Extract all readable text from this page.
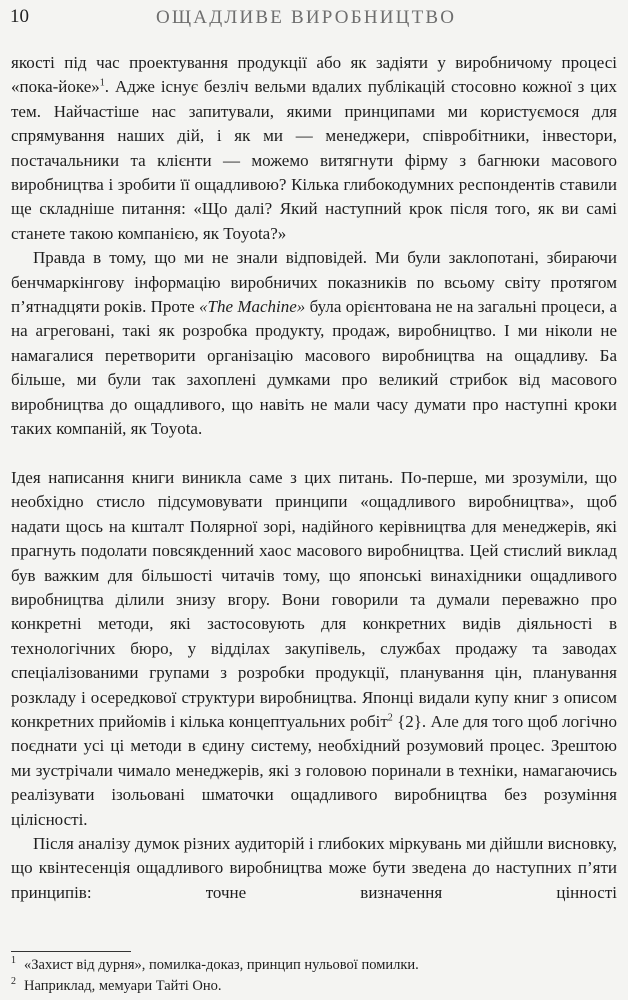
10	ОЩАДЛИВЕ ВИРОБНИЦТВО

якості під час проектування продукції або як задіяти у виробничому процесі «пока-йоке»$^1$. Адже існує безліч вельми вдалих публікацій стосовно кожної з цих тем. Найчастіше нас запитували, якими принципами ми користуємося для спрямування наших дій, і як ми — менеджери, співробітники, інвестори, постачальники та клієнти — можемо витягнути фірму з багнюки масового виробництва і зробити її ощадливою? Кілька глибокодумних респондентів ставили ще складніше питання: «Що далі? Який наступний крок після того, як ви самі станете такою компанією, як Toyota?»

Правда в тому, що ми не знали відповідей. Ми були заклопотані, збираючи бенчмаркінгову інформацію виробничих показників по всьому світу протягом п’ятнадцяти років. Проте «The Machine» була орієнтована не на загальні процеси, а на агреговані, такі як розробка продукту, продаж, виробництво. І ми ніколи не намагалися перетворити організацію масового виробництва на ощадливу. Ба більше, ми були так захоплені думками про великий стрибок від масового виробництва до ощадливого, що навіть не мали часу думати про наступні кроки таких компаній, як Toyota.

Ідея написання книги виникла саме з цих питань. По-перше, ми зрозуміли, що необхідно стисло підсумовувати принципи «ощадливого виробництва», щоб надати щось на кшталт Полярної зорі, надійного керівництва для менеджерів, які прагнуть подолати повсякденний хаос масового виробництва. Цей стислий виклад був важким для більшості читачів тому, що японські винахідники ощадливого виробництва ділили знизу вгору. Вони говорили та думали переважно про конкретні методи, які застосовують для конкретних видів діяльності в технологічних бюро, у відділах закупівель, службах продажу та заводах спеціалізованими групами з розробки продукції, планування цін, планування розкладу і осередкової структури виробництва. Японці видали купу книг з описом конкретних прийомів і кілька концептуальних робіт$^2$ {2}. Але для того щоб логічно поєднати усі ці методи в єдину систему, необхідний розумовий процес. Зрештою ми зустрічали чимало менеджерів, які з головою поринали в техніки, намагаючись реалізувати ізольовані шматочки ощадливого виробництва без розуміння цілісності.

Після аналізу думок різних аудиторій і глибоких міркувань ми дійшли висновку, що квінтесенція ощадливого виробництва може бути зведена до наступних п’яти принципів: точне визначення цінності

$^1$ «Захист від дурня», помилка-доказ, принцип нульової помилки.
$^2$ Наприклад, мемуари Тайті Оно.
